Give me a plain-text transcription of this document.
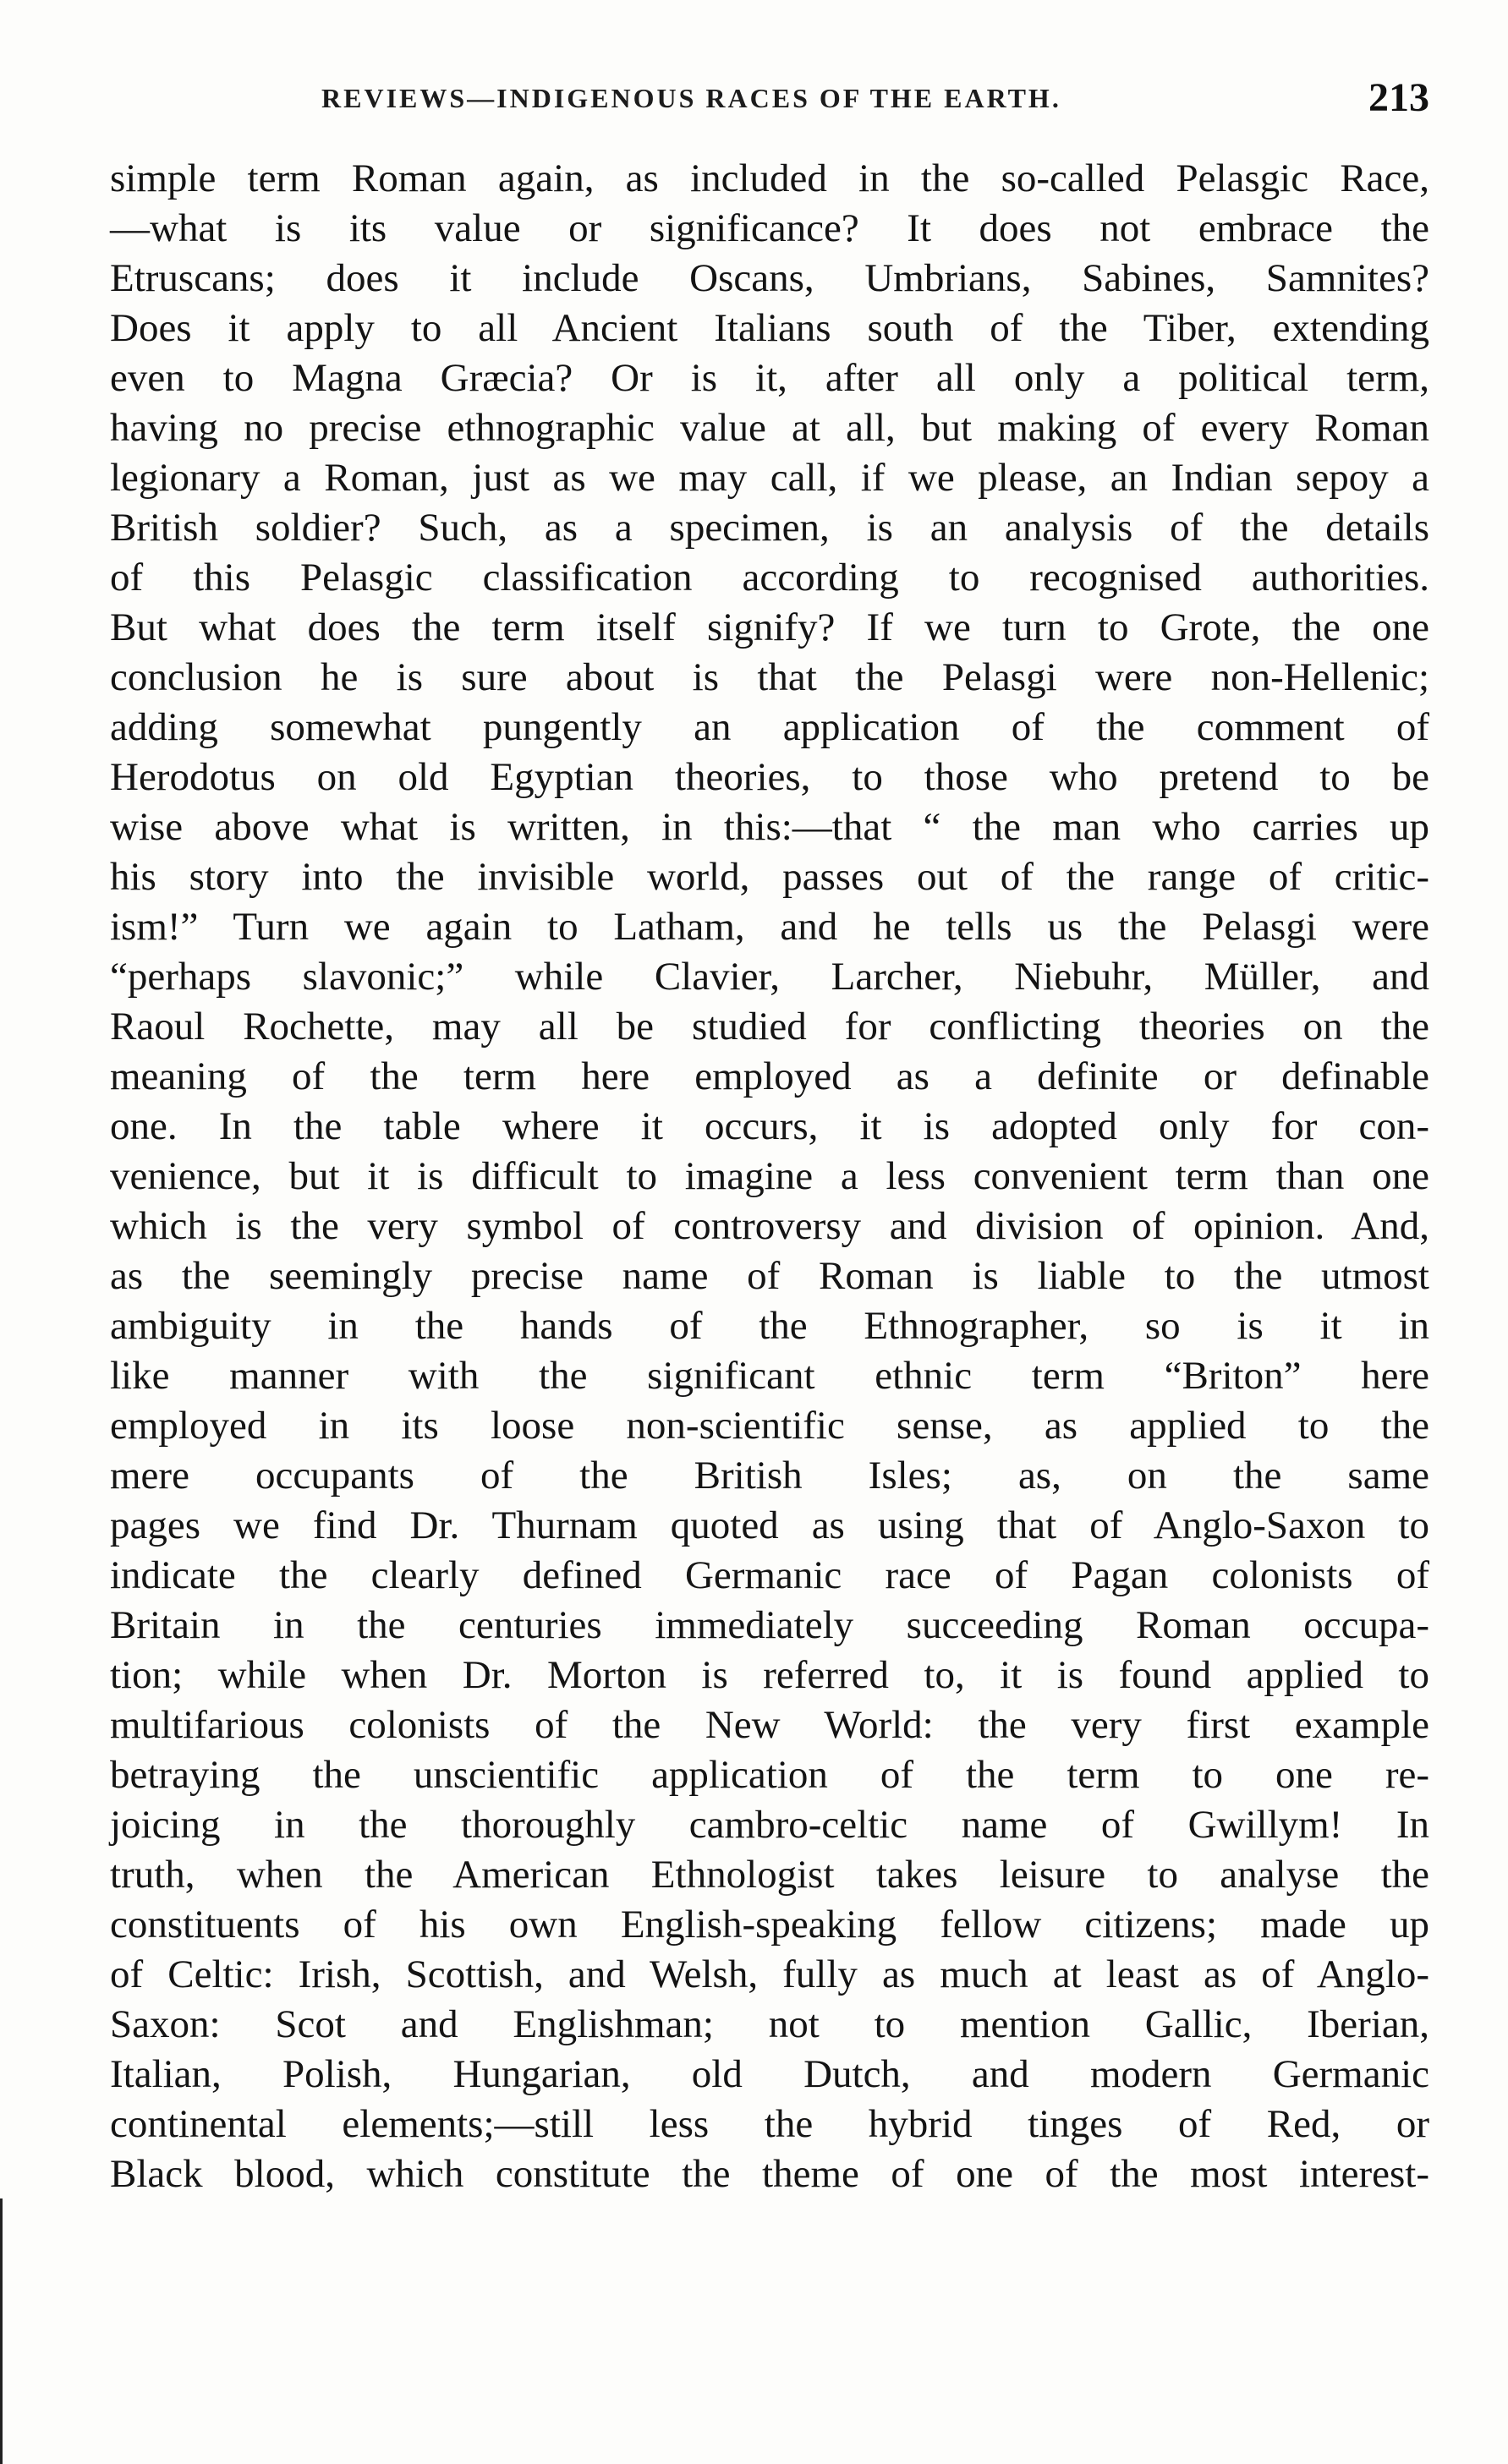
REVIEWS—INDIGENOUS RACES OF THE EARTH.	213
simple term Roman again, as included in the so-called Pelasgic Race,
—what is its value or significance? It does not embrace the
Etruscans; does it include Oscans, Umbrians, Sabines, Samnites?
Does it apply to all Ancient Italians south of the Tiber, extending
even to Magna Græcia? Or is it, after all only a political term,
having no precise ethnographic value at all, but making of every Roman
legionary a Roman, just as we may call, if we please, an Indian sepoy a
British soldier? Such, as a specimen, is an analysis of the details
of this Pelasgic classification according to recognised authorities.
But what does the term itself signify? If we turn to Grote, the one
conclusion he is sure about is that the Pelasgi were non-Hellenic;
adding somewhat pungently an application of the comment of
Herodotus on old Egyptian theories, to those who pretend to be
wise above what is written, in this:—that “ the man who carries up
his story into the invisible world, passes out of the range of critic-
ism!” Turn we again to Latham, and he tells us the Pelasgi were
“perhaps slavonic;” while Clavier, Larcher, Niebuhr, Müller, and
Raoul Rochette, may all be studied for conflicting theories on the
meaning of the term here employed as a definite or definable
one. In the table where it occurs, it is adopted only for con-
venience, but it is difficult to imagine a less convenient term than one
which is the very symbol of controversy and division of opinion. And,
as the seemingly precise name of Roman is liable to the utmost
ambiguity in the hands of the Ethnographer, so is it in
like manner with the significant ethnic term “Briton” here
employed in its loose non-scientific sense, as applied to the
mere occupants of the British Isles; as, on the same
pages we find Dr. Thurnam quoted as using that of Anglo-Saxon to
indicate the clearly defined Germanic race of Pagan colonists of
Britain in the centuries immediately succeeding Roman occupa-
tion; while when Dr. Morton is referred to, it is found applied to
multifarious colonists of the New World: the very first example
betraying the unscientific application of the term to one re-
joicing in the thoroughly cambro-celtic name of Gwillym! In
truth, when the American Ethnologist takes leisure to analyse the
constituents of his own English-speaking fellow citizens; made up
of Celtic: Irish, Scottish, and Welsh, fully as much at least as of Anglo-
Saxon: Scot and Englishman; not to mention Gallic, Iberian,
Italian, Polish, Hungarian, old Dutch, and modern Germanic
continental elements;—still less the hybrid tinges of Red, or
Black blood, which constitute the theme of one of the most interest-
